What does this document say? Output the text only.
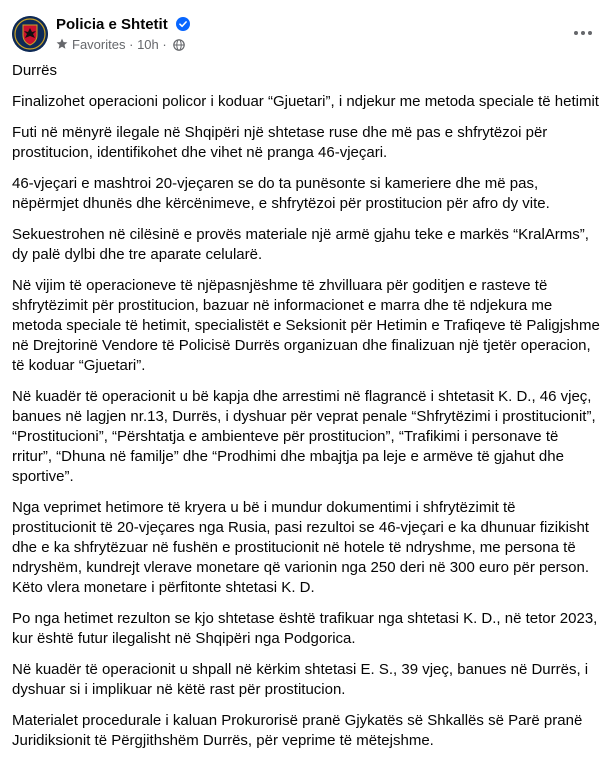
Policia e Shtetit
Favorites · 10h ·

Durrës

Finalizohet operacioni policor i koduar “Gjuetari”, i ndjekur me metoda speciale të hetimit

Futi në mënyrë ilegale në Shqipëri një shtetase ruse dhe më pas e shfrytëzoi për prostitucion, identifikohet dhe vihet në pranga 46-vjeçari.

46-vjeçari e mashtroi 20-vjeçaren se do ta punësonte si kameriere dhe më pas, nëpërmjet dhunës dhe kërcënimeve, e shfrytëzoi për prostitucion për afro dy vite.

Sekuestrohen në cilësinë e provës materiale një armë gjahu teke e markës “KralArms”, dy palë dylbi dhe tre aparate celularë.

Në vijim të operacioneve të njëpasnjëshme të zhvilluara për goditjen e rasteve të shfrytëzimit për prostitucion, bazuar në informacionet e marra dhe të ndjekura me metoda speciale të hetimit, specialistët e Seksionit për Hetimin e Trafiqeve të Paligjshme në Drejtorinë Vendore të Policisë Durrës organizuan dhe finalizuan një tjetër operacion, të koduar “Gjuetari”.

Në kuadër të operacionit u bë kapja dhe arrestimi në flagrancë i shtetasit K. D., 46 vjeç, banues në lagjen nr.13, Durrës, i dyshuar për veprat penale “Shfrytëzimi i prostitucionit”, “Prostitucioni”, “Përshtatja e ambienteve për prostitucion”, “Trafikimi i personave të rritur”, “Dhuna në familje” dhe “Prodhimi dhe mbajtja pa leje e armëve të gjahut dhe sportive”.

Nga veprimet hetimore të kryera u bë i mundur dokumentimi i shfrytëzimit të prostitucionit të 20-vjeçares nga Rusia, pasi rezultoi se 46-vjeçari e ka dhunuar fizikisht dhe e ka shfrytëzuar në fushën e prostitucionit në hotele të ndryshme, me persona të ndryshëm, kundrejt vlerave monetare që varionin nga 250 deri në 300 euro për person. Këto vlera monetare i përfitonte shtetasi K. D.

Po nga hetimet rezulton se kjo shtetase është trafikuar nga shtetasi K. D., në tetor 2023, kur është futur ilegalisht në Shqipëri nga Podgorica.

Në kuadër të operacionit u shpall në kërkim shtetasi E. S., 39 vjeç, banues në Durrës, i dyshuar si i implikuar në këtë rast për prostitucion.

Materialet procedurale i kaluan Prokurorisë pranë Gjykatës së Shkallës së Parë pranë Juridiksionit të Përgjithshëm Durrës, për veprime të mëtejshme.
